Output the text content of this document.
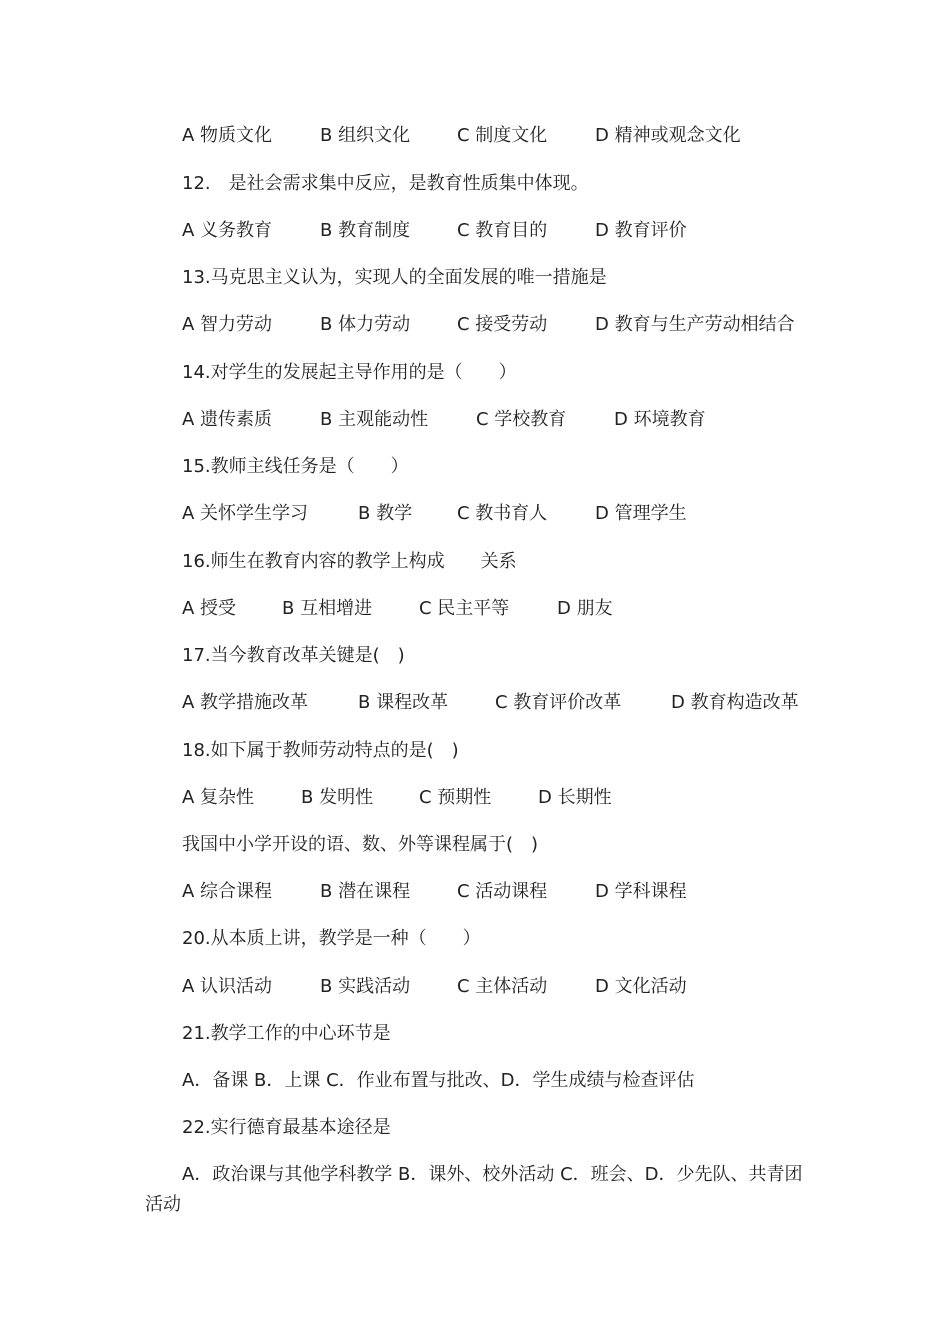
A 物质文化	B 组织文化	C 制度文化	D 精神或观念文化
12.　是社会需求集中反应，是教育性质集中体现。
A 义务教育	B 教育制度	C 教育目的	D 教育评价
13.马克思主义认为，实现人的全面发展的唯一措施是
A 智力劳动	B 体力劳动	C 接受劳动	D 教育与生产劳动相结合
14.对学生的发展起主导作用的是（　　）
A 遗传素质	B 主观能动性	C 学校教育	D 环境教育
15.教师主线任务是（　　）
A 关怀学生学习	B 教学 C 教书育人	D 管理学生
16.师生在教育内容的教学上构成　　关系
A 授受	B 互相增进	C 民主平等	D 朋友
17.当今教育改革关键是(　)
A 教学措施改革	B 课程改革	C 教育评价改革	D 教育构造改革
18.如下属于教师劳动特点的是(　)
A 复杂性	B 发明性	C 预期性	D 长期性
我国中小学开设的语、数、外等课程属于(　)
A 综合课程	B 潜在课程	C 活动课程	D 学科课程
20.从本质上讲，教学是一种（　　）
A 认识活动	B 实践活动	C 主体活动	D 文化活动
21.教学工作的中心环节是
A．备课 B．上课 C．作业布置与批改、D．学生成绩与检查评估
22.实行德育最基本途径是
A．政治课与其他学科教学 B．课外、校外活动 C．班会、D．少先队、共青团活动
